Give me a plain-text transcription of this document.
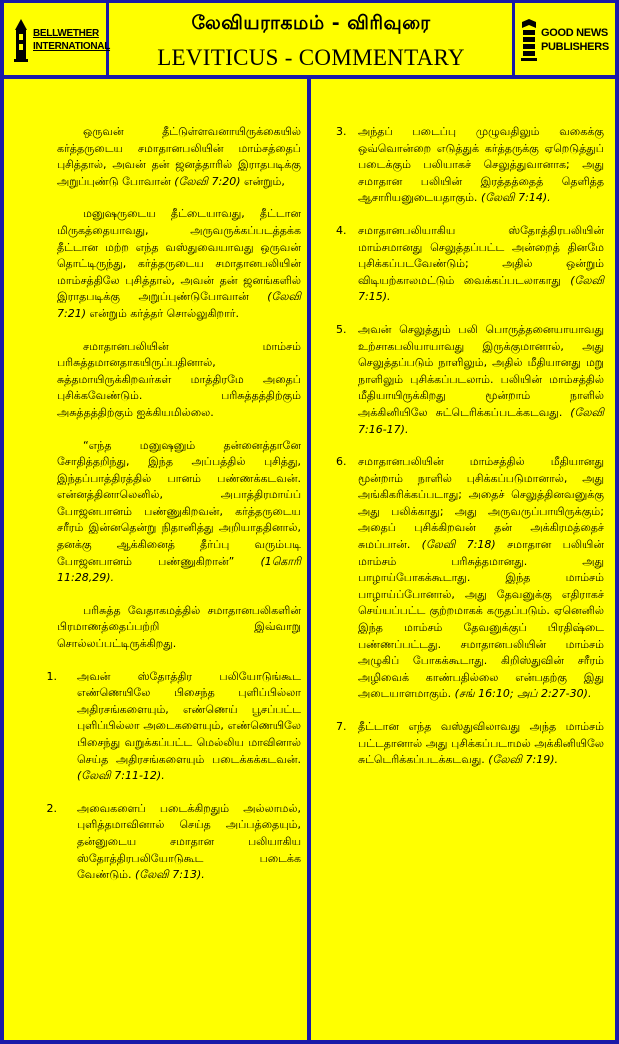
BELLWETHER
INTERNATIONAL
லேவியராகமம் - விரிவுரை
LEVITICUS - COMMENTARY
GOOD NEWS
PUBLISHERS

ஒருவன் தீட்டுள்ளவனாயிருக்கையில் கர்த்தருடைய சமாதானபலியின் மாம்சத்தைப் புசித்தால், அவன் தன் ஜனத்தாரில் இராதபடிக்கு அறுப்புண்டு போவான் (லேவி 7:20) என்றும்,

மனுஷருடைய தீட்டையாவது, தீட்டான மிருகத்தையாவது, அருவருக்கப்படத்தக்க தீட்டான மற்ற எந்த வஸ்துவையாவது ஒருவன் தொட்டிருந்து, கர்த்தருடைய சமாதானபலியின் மாம்சத்திலே புசித்தால், அவன் தன் ஜனங்களில் இராதபடிக்கு அறுப்புண்டுபோவான் (லேவி 7:21) என்றும் கர்த்தர் சொல்லுகிறார்.

சமாதானபலியின் மாம்சம் பரிசுத்தமானதாகயிருப்பதினால், சுத்தமாயிருக்கிறவர்கள் மாத்திரமே அதைப் புசிக்கவேண்டும். பரிசுத்தத்திற்கும் அசுத்தத்திற்கும் ஐக்கியமில்லை.

“எந்த மனுஷனும் தன்னைத்தானே சோதித்தறிந்து, இந்த அப்பத்தில் புசித்து, இந்தப்பாத்திரத்தில் பானம் பண்ணக்கடவன். என்னத்தினாலெனில், அபாத்திரமாய்ப் போஜனபானம் பண்ணுகிறவன், கர்த்தருடைய சரீரம் இன்னதென்று நிதானித்து அறியாததினால், தனக்கு ஆக்கினைத் தீர்ப்பு வரும்படி போஜனபானம் பண்ணுகிறான்” (1கொரி 11:28,29).

பரிசுத்த வேதாகமத்தில் சமாதானபலிகளின் பிரமாணத்தைப்பற்றி இவ்வாறு சொல்லப்பட்டிருக்கிறது.

1.	அவன் ஸ்தோத்திர பலியோடுங்கூட எண்ணெயிலே பிசைந்த புளிப்பில்லா அதிரசங்களையும், எண்ணெய் பூசப்பட்ட புளிப்பில்லா அடைகளையும், எண்ணெயிலே பிசைந்து வறுக்கப்பட்ட மெல்லிய மாவினால் செய்த அதிரசங்களையும் படைக்கக்கடவன். (லேவி 7:11-12).
2.	அவைகளைப் படைக்கிறதும் அல்லாமல், புளித்தமாவினால் செய்த அப்பத்தையும், தன்னுடைய சமாதான பலியாகிய ஸ்தோத்திரபலியோடுகூட படைக்க வேண்டும். (லேவி 7:13).
3. அந்தப் படைப்பு முழுவதிலும் வகைக்கு ஒவ்வொன்றை எடுத்துக் கர்த்தருக்கு ஏறெடுத்துப் படைக்கும் பலியாகச் செலுத்துவானாக; அது சமாதான பலியின் இரத்தத்தைத் தெளித்த ஆசாரியனுடையதாகும். (லேவி 7:14).
4. சமாதானபலியாகிய ஸ்தோத்திரபலியின் மாம்சமானது செலுத்தப்பட்ட அன்றைத் தினமே புசிக்கப்படவேண்டும்; அதில் ஒன்றும் விடியற்காலமட்டும் வைக்கப்படலாகாது (லேவி 7:15).
5. அவன் செலுத்தும் பலி பொருத்தனையாயாவது உற்சாகபலியாயாவது இருக்குமானால், அது செலுத்தப்படும் நாளிலும், அதில் மீதியானது மறு நாளிலும் புசிக்கப்படலாம். பலியின் மாம்சத்தில் மீதியாயிருக்கிறது மூன்றாம் நாளில் அக்கினியிலே சுட்டெரிக்கப்படக்கடவது. (லேவி 7:16-17).
6. சமாதானபலியின் மாம்சத்தில் மீதியானது மூன்றாம் நாளில் புசிக்கப்படுமானால், அது அங்கிகரிக்கப்படாது; அதைச் செலுத்தினவனுக்கு அது பலிக்காது; அது அருவருப்பாயிருக்கும்; அதைப் புசிக்கிறவன் தன் அக்கிரமத்தைச் சுமப்பான். (லேவி 7:18) சமாதான பலியின் மாம்சம் பரிசுத்தமானது. அது பாழாய்போகக்கூடாது. இந்த மாம்சம் பாழாய்ப்போனால், அது தேவனுக்கு எதிராகச் செய்யப்பட்ட குற்றமாகக் கருதப்படும். ஏனெனில் இந்த மாம்சம் தேவனுக்குப் பிரதிஷ்டை பண்ணப்பட்டது. சமாதானபலியின் மாம்சம் அழுகிப் போகக்கூடாது. கிறிஸ்துவின் சரீரம் அழிவைக் காண்பதில்லை என்பதற்கு இது அடையாளமாகும். (சங் 16:10; அப் 2:27-30).
7. தீட்டான எந்த வஸ்துவிலாவது அந்த மாம்சம் பட்டதானால் அது புசிக்கப்படாமல் அக்கினியிலே சுட்டெரிக்கப்படக்கடவது. (லேவி 7:19).
